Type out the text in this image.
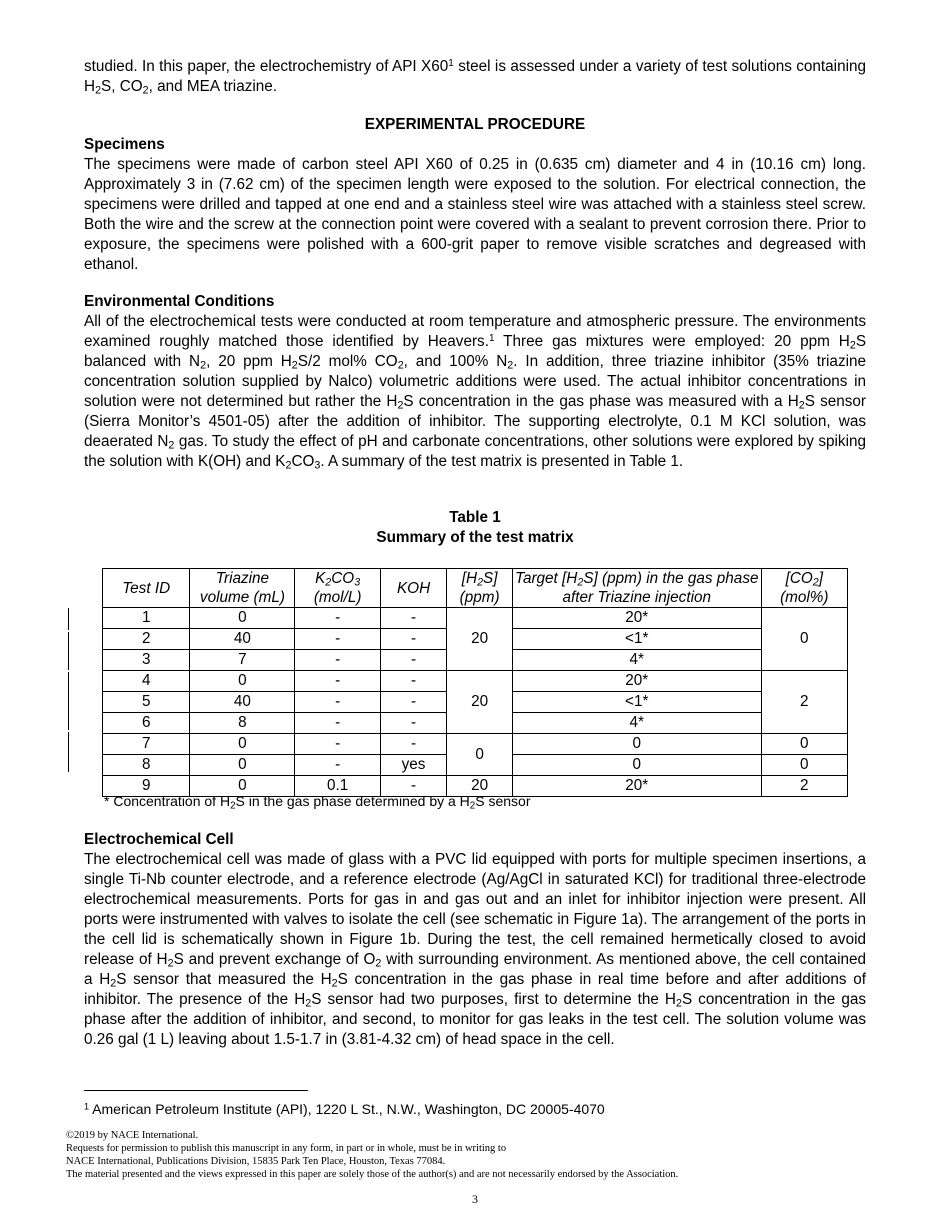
studied. In this paper, the electrochemistry of API $X60^1$ steel is assessed under a variety of test solutions containing $H_2S$, $CO_2$, and MEA triazine.

EXPERIMENTAL PROCEDURE
Specimens

The specimens were made of carbon steel API X60 of 0.25 in (0.635 cm) diameter and 4 in (10.16 cm) long. Approximately 3 in (7.62 cm) of the specimen length were exposed to the solution. For electrical connection, the specimens were drilled and tapped at one end and a stainless steel wire was attached with a stainless steel screw. Both the wire and the screw at the connection point were covered with a sealant to prevent corrosion there. Prior to exposure, the specimens were polished with a 600-grit paper to remove visible scratches and degreased with ethanol.

Environmental Conditions

All of the electrochemical tests were conducted at room temperature and atmospheric pressure. The environments examined roughly matched those identified by Heavers.$^1$ Three gas mixtures were employed: 20 ppm $H_2S$ balanced with $N_2$, 20 ppm $H_2S/2$ mol% $CO_2$, and 100% $N_2$. In addition, three triazine inhibitor (35% triazine concentration solution supplied by Nalco) volumetric additions were used. The actual inhibitor concentrations in solution were not determined but rather the $H_2S$ concentration in the gas phase was measured with a $H_2S$ sensor (Sierra Monitor’s 4501-05) after the addition of inhibitor. The supporting electrolyte, 0.1 M KCl solution, was deaerated $N_2$ gas. To study the effect of pH and carbonate concentrations, other solutions were explored by spiking the solution with K(OH) and $K_2CO_3$. A summary of the test matrix is presented in Table 1.

Table 1
Summary of the test matrix
Electrochemical Cell

The electrochemical cell was made of glass with a PVC lid equipped with ports for multiple specimen insertions, a single Ti-Nb counter electrode, and a reference electrode (Ag/AgCl in saturated KCl) for traditional three-electrode electrochemical measurements. Ports for gas in and gas out and an inlet for inhibitor injection were present. All ports were instrumented with valves to isolate the cell (see schematic in Figure 1a). The arrangement of the ports in the cell lid is schematically shown in Figure 1b. During the test, the cell remained hermetically closed to avoid release of $H_2S$ and prevent exchange of $O_2$ with surrounding environment. As mentioned above, the cell contained a $H_2S$ sensor that measured the $H_2S$ concentration in the gas phase in real time before and after additions of inhibitor. The presence of the $H_2S$ sensor had two purposes, first to determine the $H_2S$ concentration in the gas phase after the addition of inhibitor, and second, to monitor for gas leaks in the test cell. The solution volume was 0.26 gal (1 L) leaving about 1.5-1.7 in (3.81-4.32 cm) of head space in the cell.

Test ID	Triazine volume (mL)	$K_2CO_3$ (mol/L)	KOH	$[H_2S]$ (ppm)	Target $[H_2S]$ (ppm) in the gas phase after Triazine injection	$[CO_2]$ (mol%)
1	0	-	-	20	20*	0
2	40	-	-		<1*	
3	7	-	-		4*	
4	0	-	-	20	20*	2
5	40	-	-		<1*	
6	8	-	-		4*	
7	0	-	-	0	0	0
8	0	-	yes		0	0
9	0	0.1	-	20	20*	2
* Concentration of $H_2S$ in the gas phase determined by a $H_2S$ sensor
$^1$ American Petroleum Institute (API), 1220 L St., N.W., Washington, DC 20005-4070
©2019 by NACE International.
Requests for permission to publish this manuscript in any form, in part or in whole, must be in writing to
NACE International, Publications Division, 15835 Park Ten Place, Houston, Texas 77084.
The material presented and the views expressed in this paper are solely those of the author(s) and are not necessarily endorsed by the Association.
3
